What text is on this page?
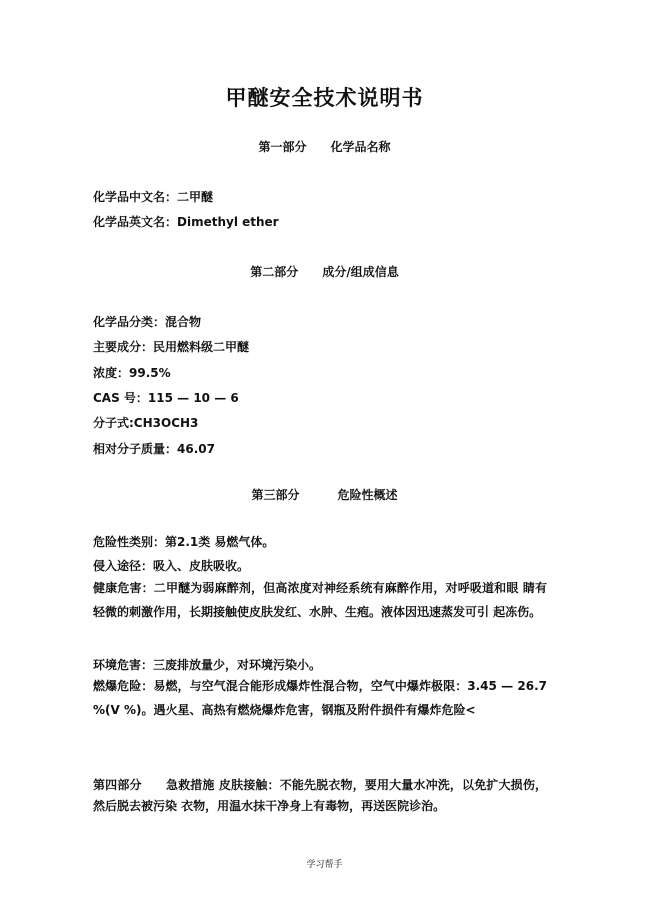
甲醚安全技术说明书
第一部分 化学品名称
化学品中文名：二甲醚
化学品英文名：Dimethyl ether
第二部分 成分/组成信息
化学品分类：混合物
主要成分：民用燃料级二甲醚
浓度：99.5%
CAS 号：115 — 10 — 6
分子式:CH3OCH3
相对分子质量：46.07
第三部分	危险性概述
危险性类别：第2.1类 易燃气体。
侵入途径：吸入、皮肤吸收。
健康危害：二甲醚为弱麻醉剂，但高浓度对神经系统有麻醉作用，对呼吸道和眼 睛有轻微的刺激作用，长期接触使皮肤发红、水肿、生疱。液体因迅速蒸发可引 起冻伤。
环境危害：三废排放量少，对环境污染小。
燃爆危险：易燃，与空气混合能形成爆炸性混合物，空气中爆炸极限：3.45 — 26.7 %(V %)。遇火星、高热有燃烧爆炸危害，钢瓶及附件损件有爆炸危险<
第四部分　　急救措施 皮肤接触：不能先脱衣物，要用大量水冲洗，以免扩大损伤，然后脱去被污染 衣物，用温水抹干净身上有毒物，再送医院诊治。
学习帮手
